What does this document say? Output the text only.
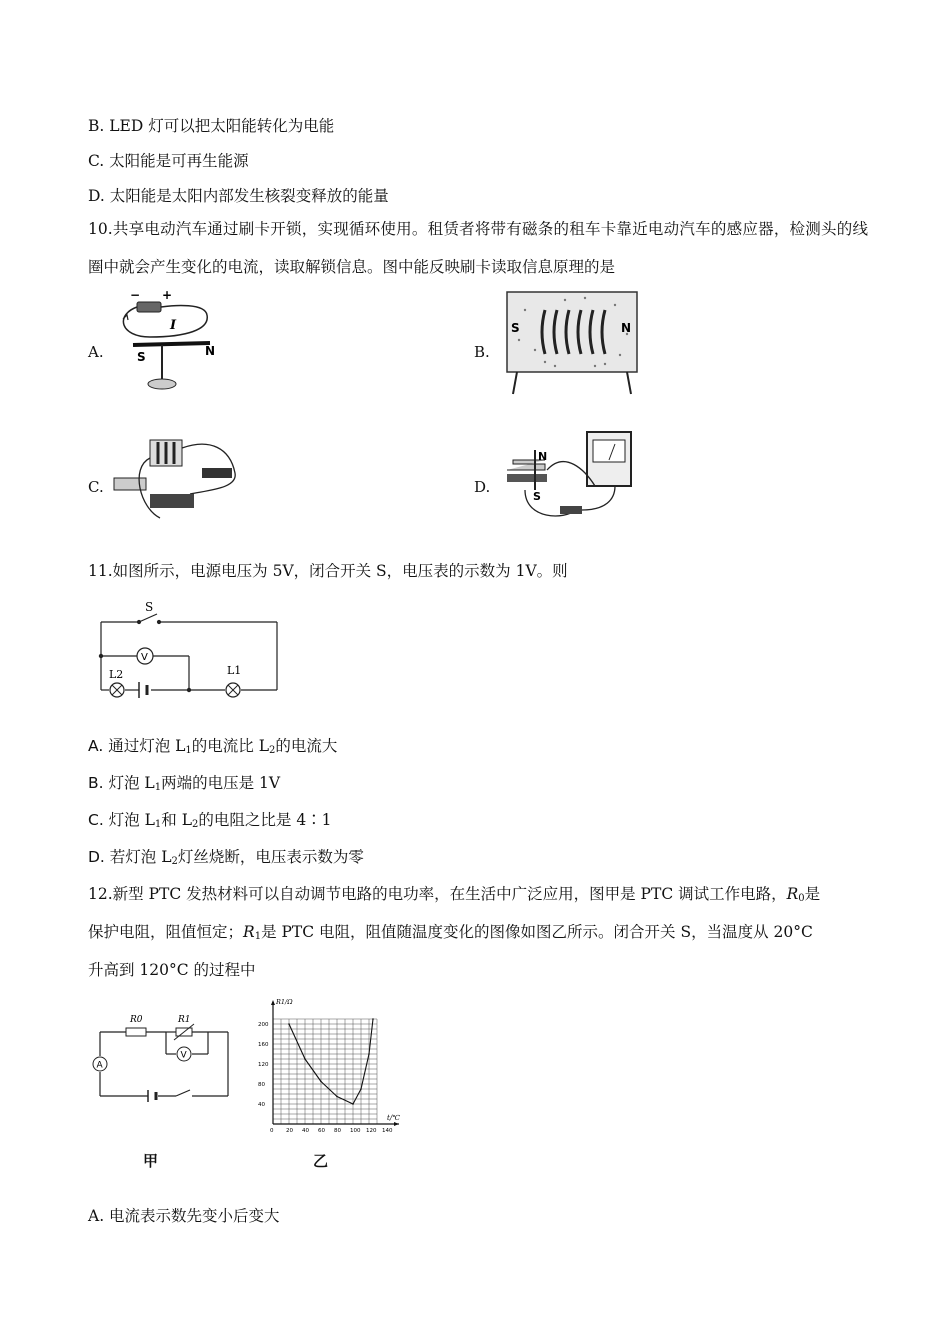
B. LED 灯可以把太阳能转化为电能
C. 太阳能是可再生能源
D. 太阳能是太阳内部发生核裂变释放的能量
10.共享电动汽车通过刷卡开锁，实现循环使用。租赁者将带有磁条的租车卡靠近电动汽车的感应器，检测头的线圈中就会产生变化的电流，读取解锁信息。图中能反映刷卡读取信息原理的是
A.	B.
C.	D.
− +
I
S	N
S	N
N
S
11.如图所示，电源电压为 5V，闭合开关 S，电压表的示数为 1V。则
S
V
L2	L1
A. 通过灯泡 $L_1$的电流比 $L_2$的电流大
B. 灯泡 $L_1$两端的电压是 1V
C. 灯泡 $L_1$和 $L_2$的电阻之比是 4∶1
D. 若灯泡 $L_2$灯丝烧断，电压表示数为零
12.新型 PTC 发热材料可以自动调节电路的电功率，在生活中广泛应用，图甲是 PTC 调试工作电路，$R_0$是
保护电阻，阻值恒定；$R_1$是 PTC 电阻，阻值随温度变化的图像如图乙所示。闭合开关 S，当温度从 20°C
升高到 120°C 的过程中
R0	R1
V
A
甲
0 20 40 60 80 100 120 140
40
80
120
160
200
R1/Ω
t/℃
乙
A. 电流表示数先变小后变大
